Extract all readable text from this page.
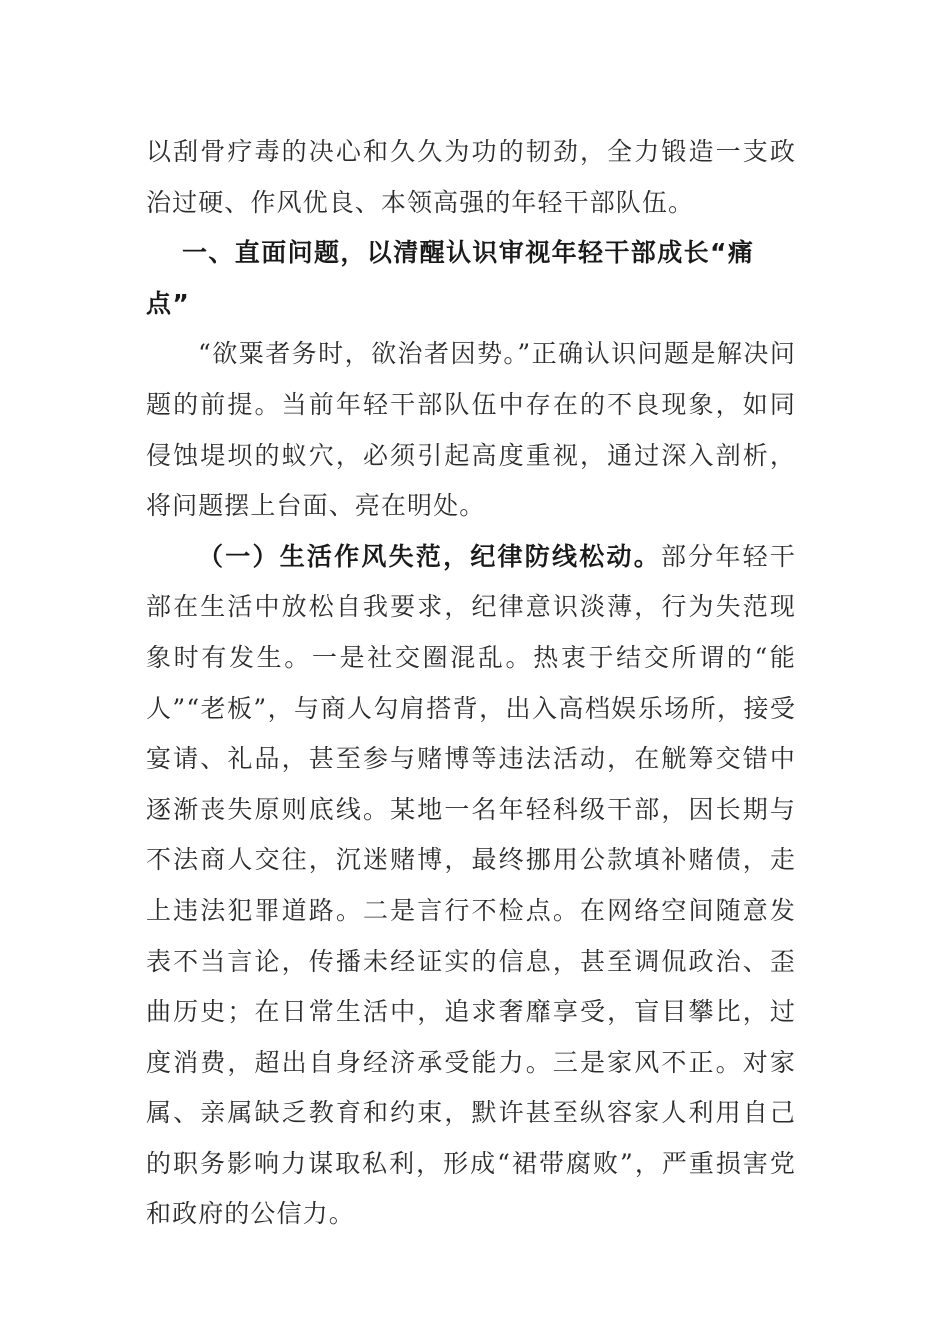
以刮骨疗毒的决心和久久为功的韧劲，全力锻造一支政治过硬、作风优良、本领高强的年轻干部队伍。

一、直面问题，以清醒认识审视年轻干部成长“痛点”

“欲粟者务时，欲治者因势。”正确认识问题是解决问题的前提。当前年轻干部队伍中存在的不良现象，如同侵蚀堤坝的蚁穴，必须引起高度重视，通过深入剖析，将问题摆上台面、亮在明处。

（一）生活作风失范，纪律防线松动。部分年轻干部在生活中放松自我要求，纪律意识淡薄，行为失范现象时有发生。一是社交圈混乱。热衷于结交所谓的“能人”“老板”，与商人勾肩搭背，出入高档娱乐场所，接受宴请、礼品，甚至参与赌博等违法活动，在觥筹交错中逐渐丧失原则底线。某地一名年轻科级干部，因长期与不法商人交往，沉迷赌博，最终挪用公款填补赌债，走上违法犯罪道路。二是言行不检点。在网络空间随意发表不当言论，传播未经证实的信息，甚至调侃政治、歪曲历史；在日常生活中，追求奢靡享受，盲目攀比，过度消费，超出自身经济承受能力。三是家风不正。对家属、亲属缺乏教育和约束，默许甚至纵容家人利用自己的职务影响力谋取私利，形成“裙带腐败”，严重损害党和政府的公信力。
